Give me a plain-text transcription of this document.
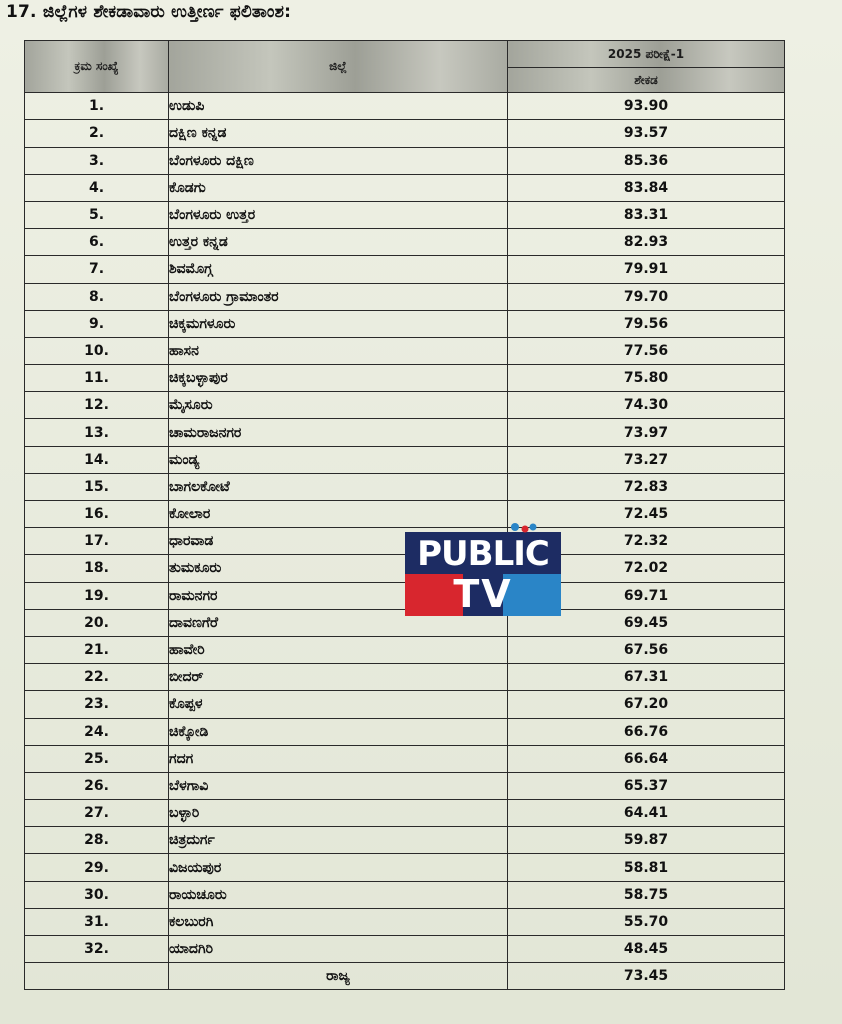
17. ಜಿಲ್ಲೆಗಳ ಶೇಕಡಾವಾರು ಉತ್ತೀರ್ಣ ಫಲಿತಾಂಶ:
ಕ್ರಮ ಸಂಖ್ಯೆ	ಜಿಲ್ಲೆ	2025 ಪರೀಕ್ಷೆ-1
		ಶೇಕಡ
1.	ಉಡುಪಿ	93.90
2.	ದಕ್ಷಿಣ ಕನ್ನಡ	93.57
3.	ಬೆಂಗಳೂರು ದಕ್ಷಿಣ	85.36
4.	ಕೊಡಗು	83.84
5.	ಬೆಂಗಳೂರು ಉತ್ತರ	83.31
6.	ಉತ್ತರ ಕನ್ನಡ	82.93
7.	ಶಿವಮೊಗ್ಗ	79.91
8.	ಬೆಂಗಳೂರು ಗ್ರಾಮಾಂತರ	79.70
9.	ಚಿಕ್ಕಮಗಳೂರು	79.56
10.	ಹಾಸನ	77.56
11.	ಚಿಕ್ಕಬಳ್ಳಾಪುರ	75.80
12.	ಮೈಸೂರು	74.30
13.	ಚಾಮರಾಜನಗರ	73.97
14.	ಮಂಡ್ಯ	73.27
15.	ಬಾಗಲಕೋಟೆ	72.83
16.	ಕೋಲಾರ	72.45
17.	ಧಾರವಾಡ	72.32
18.	ತುಮಕೂರು	72.02
19.	ರಾಮನಗರ	69.71
20.	ದಾವಣಗೆರೆ	69.45
21.	ಹಾವೇರಿ	67.56
22.	ಬೀದರ್	67.31
23.	ಕೊಪ್ಪಳ	67.20
24.	ಚಿಕ್ಕೋಡಿ	66.76
25.	ಗದಗ	66.64
26.	ಬೆಳಗಾವಿ	65.37
27.	ಬಳ್ಳಾರಿ	64.41
28.	ಚಿತ್ರದುರ್ಗ	59.87
29.	ವಿಜಯಪುರ	58.81
30.	ರಾಯಚೂರು	58.75
31.	ಕಲಬುರಗಿ	55.70
32.	ಯಾದಗಿರಿ	48.45
	ರಾಜ್ಯ	73.45
PUBLIC
TV
